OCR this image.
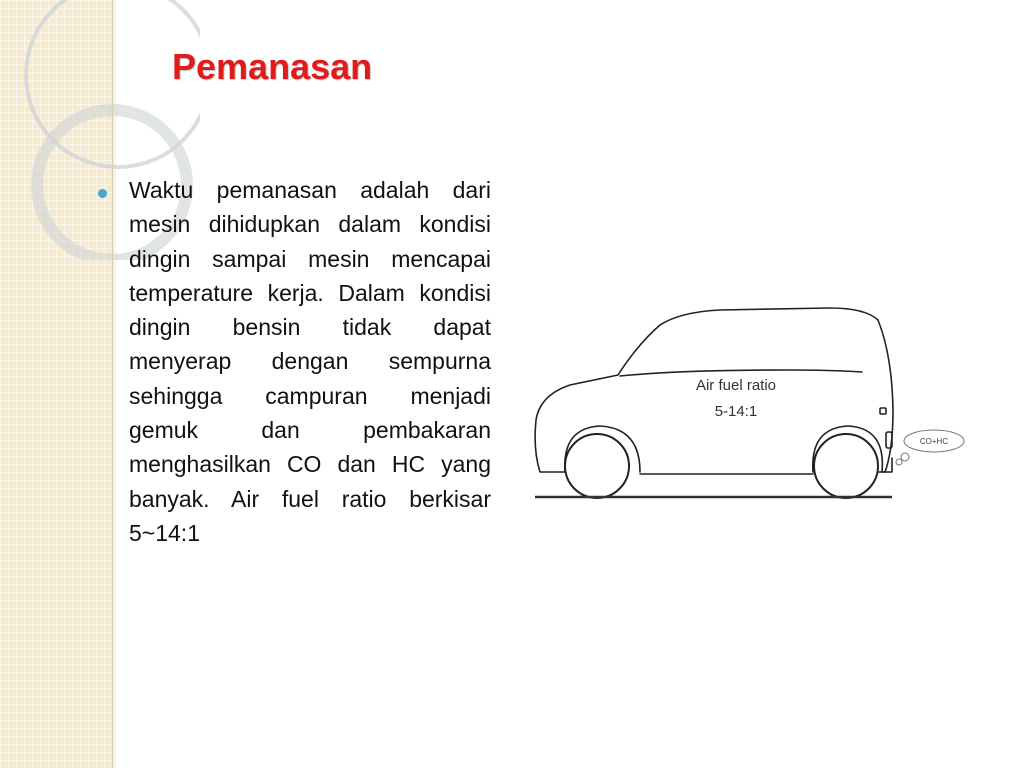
Pemanasan

Waktu pemanasan adalah dari mesin dihidupkan dalam kondisi dingin sampai mesin mencapai temperature kerja. Dalam kondisi dingin bensin tidak dapat menyerap dengan sempurna sehingga campuran menjadi gemuk dan pembakaran menghasilkan CO dan HC yang banyak. Air fuel ratio berkisar 5~14:1

Air fuel ratio
5-14:1
CO+HC
